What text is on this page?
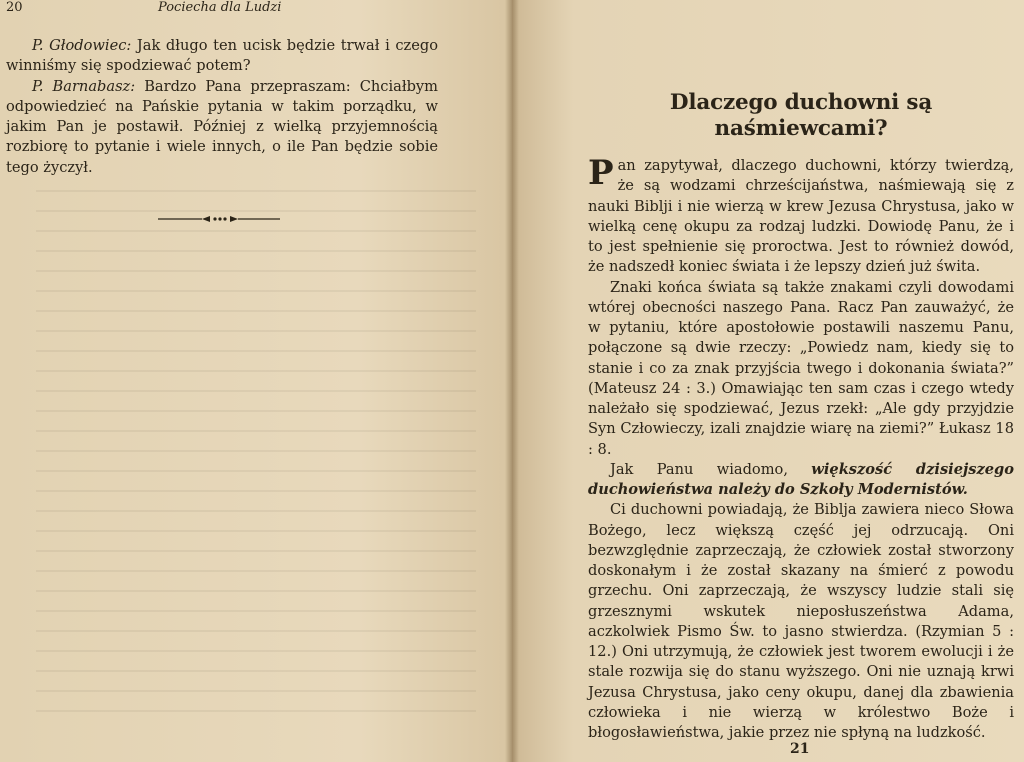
20	Pociecha dla Ludzi

P. Głodowiec: Jak długo ten ucisk będzie trwał i czego winniśmy się spodziewać potem?

P. Barnabasz: Bardzo Pana przepraszam: Chciałbym odpowiedzieć na Pańskie pytania w takim porządku, w jakim Pan je postawił. Później z wielką przyjemnością rozbiorę to pytanie i wiele innych, o ile Pan będzie sobie tego życzył.

Dlaczego duchowni są naśmiewcami?

Pan zapytywał, dlaczego duchowni, którzy twierdzą, że są wodzami chrześcijaństwa, naśmiewają się z nauki Biblji i nie wierzą w krew Jezusa Chrystusa, jako w wielką cenę okupu za rodzaj ludzki. Dowiodę Panu, że i to jest spełnienie się proroctwa. Jest to również dowód, że nadszedł koniec świata i że lepszy dzień już świta.

Znaki końca świata są także znakami czyli dowodami wtórej obecności naszego Pana. Racz Pan zauważyć, że w pytaniu, które apostołowie postawili naszemu Panu, połączone są dwie rzeczy: „Powiedz nam, kiedy się to stanie i co za znak przyjścia twego i dokonania świata?” (Mateusz 24 : 3.) Omawiając ten sam czas i czego wtedy należało się spodziewać, Jezus rzekł: „Ale gdy przyjdzie Syn Człowieczy, izali znajdzie wiarę na ziemi?” Łukasz 18 : 8.

Jak Panu wiadomo, większość dzisiejszego duchowieństwa należy do Szkoły Modernistów.

Ci duchowni powiadają, że Biblja zawiera nieco Słowa Bożego, lecz większą część jej odrzucają. Oni bezwzględnie zaprzeczają, że człowiek został stworzony doskonałym i że został skazany na śmierć z powodu grzechu. Oni zaprzeczają, że wszyscy ludzie stali się grzesznymi wskutek nieposłuszeństwa Adama, aczkolwiek Pismo Św. to jasno stwierdza. (Rzymian 5 : 12.) Oni utrzymują, że człowiek jest tworem ewolucji i że stale rozwija się do stanu wyższego. Oni nie uznają krwi Jezusa Chrystusa, jako ceny okupu, danej dla zbawienia człowieka i nie wierzą w królestwo Boże i błogosławieństwa, jakie przez nie spłyną na ludzkość.

21
